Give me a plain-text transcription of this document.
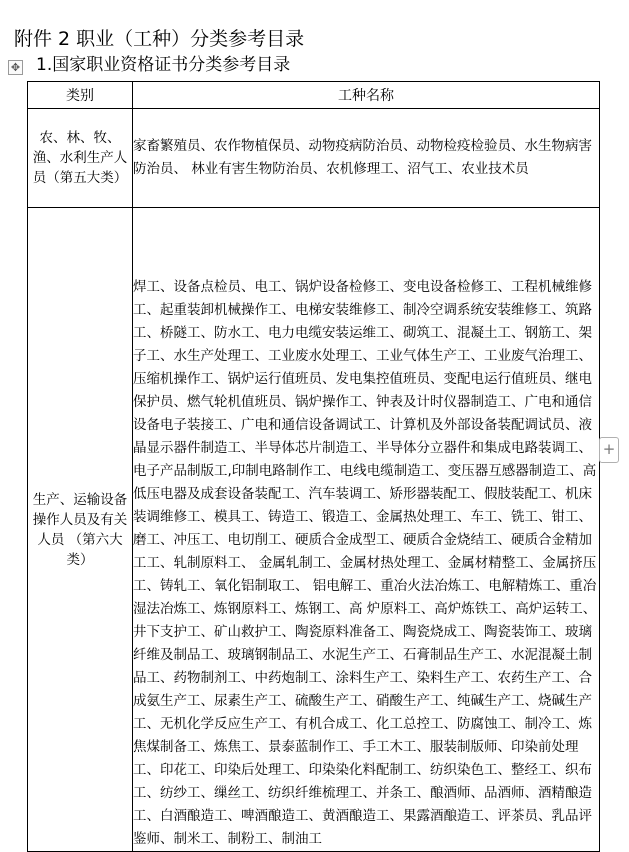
附件 2 职业（工种）分类参考目录
✥ 1.国家职业资格证书分类参考目录
类别	工种名称
农、林、牧、渔、水利生产人员（第五大类）	家畜繁殖员、农作物植保员、动物疫病防治员、动物检疫检验员、水生物病害防治员、 林业有害生物防治员、农机修理工、沼气工、农业技术员
生产、运输设备操作人员及有关人员 （第六大类）	焊工、设备点检员、电工、锅炉设备检修工、变电设备检修工、工程机械维修工、起重装卸机械操作工、电梯安装维修工、制冷空调系统安装维修工、筑路工、桥隧工、防水工、电力电缆安装运维工、砌筑工、混凝土工、钢筋工、架子工、水生产处理工、工业废水处理工、工业气体生产工、工业废气治理工、压缩机操作工、锅炉运行值班员、发电集控值班员、变配电运行值班员、继电保护员、燃气轮机值班员、锅炉操作工、钟表及计时仪器制造工、广电和通信设备电子装接工、广电和通信设备调试工、计算机及外部设备装配调试员、液晶显示器件制造工、半导体芯片制造工、半导体分立器件和集成电路装调工、电子产品制版工,印制电路制作工、电线电缆制造工、变压器互感器制造工、高低压电器及成套设备装配工、汽车装调工、矫形器装配工、假肢装配工、机床装调维修工、模具工、铸造工、锻造工、金属热处理工、车工、铣工、钳工、磨工、冲压工、电切削工、硬质合金成型工、硬质合金烧结工、硬质合金精加工工、轧制原料工、 金属轧制工、金属材热处理工、金属材精整工、金属挤压工、铸轧工、氧化铝制取工、 铝电解工、重冶火法冶炼工、电解精炼工、重冶湿法冶炼工、炼钢原料工、炼钢工、高 炉原料工、高炉炼铁工、高炉运转工、井下支护工、矿山救护工、陶瓷原料准备工、陶瓷烧成工、陶瓷装饰工、玻璃纤维及制品工、玻璃钢制品工、水泥生产工、石膏制品生产工、水泥混凝土制品工、药物制剂工、中药炮制工、涂料生产工、染料生产工、农药生产工、合成氨生产工、尿素生产工、硫酸生产工、硝酸生产工、纯碱生产工、烧碱生产工、无机化学反应生产工、有机合成工、化工总控工、防腐蚀工、制冷工、炼焦煤制备工、炼焦工、景泰蓝制作工、手工木工、服装制版师、印染前处理工、印花工、印染后处理工、印染染化料配制工、纺织染色工、整经工、织布工、纺纱工、缫丝工、纺织纤维梳理工、并条工、酿酒师、品酒师、酒精酿造工、白酒酿造工、啤酒酿造工、黄酒酿造工、果露酒酿造工、评茶员、乳品评鉴师、制米工、制粉工、制油工
+
